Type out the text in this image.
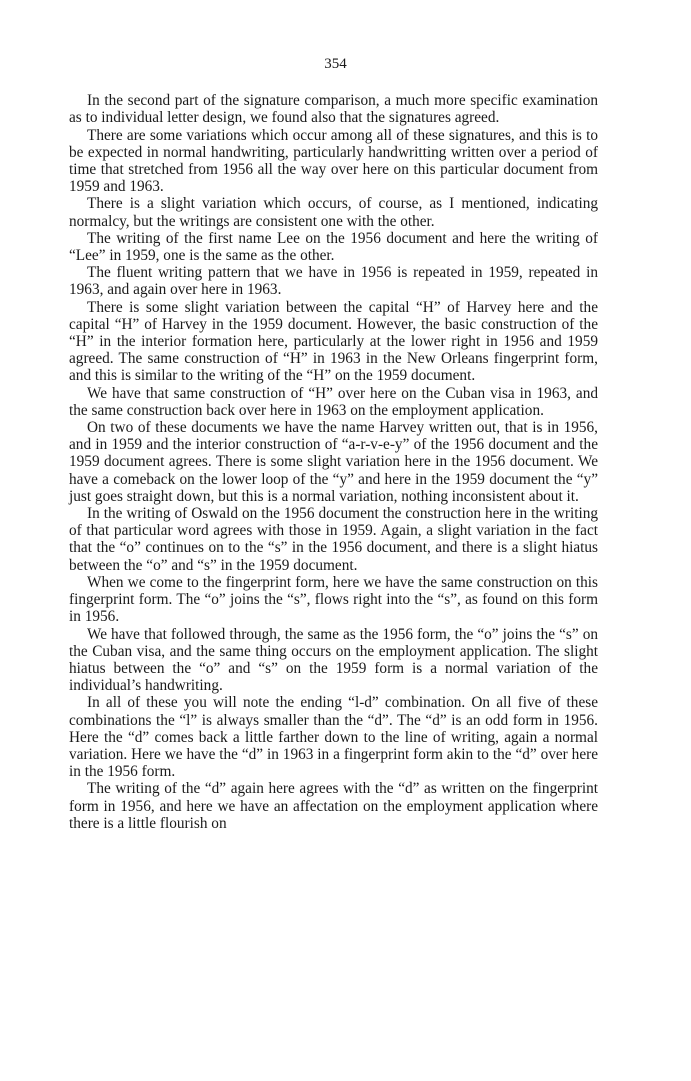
354

In the second part of the signature comparison, a much more specific examination as to individual letter design, we found also that the signatures agreed.

There are some variations which occur among all of these signatures, and this is to be expected in normal handwriting, particularly handwritting written over a period of time that stretched from 1956 all the way over here on this particular document from 1959 and 1963.

There is a slight variation which occurs, of course, as I mentioned, indicating normalcy, but the writings are consistent one with the other.

The writing of the first name Lee on the 1956 document and here the writing of “Lee” in 1959, one is the same as the other.

The fluent writing pattern that we have in 1956 is repeated in 1959, repeated in 1963, and again over here in 1963.

There is some slight variation between the capital “H” of Harvey here and the capital “H” of Harvey in the 1959 document. However, the basic construction of the “H” in the interior formation here, particularly at the lower right in 1956 and 1959 agreed. The same construction of “H” in 1963 in the New Orleans fingerprint form, and this is similar to the writing of the “H” on the 1959 document.

We have that same construction of “H” over here on the Cuban visa in 1963, and the same construction back over here in 1963 on the employment application.

On two of these documents we have the name Harvey written out, that is in 1956, and in 1959 and the interior construction of “a-r-v-e-y” of the 1956 document and the 1959 document agrees. There is some slight variation here in the 1956 document. We have a comeback on the lower loop of the “y” and here in the 1959 document the “y” just goes straight down, but this is a normal variation, nothing inconsistent about it.

In the writing of Oswald on the 1956 document the construction here in the writing of that particular word agrees with those in 1959. Again, a slight variation in the fact that the “o” continues on to the “s” in the 1956 document, and there is a slight hiatus between the “o” and “s” in the 1959 document.

When we come to the fingerprint form, here we have the same construction on this fingerprint form. The “o” joins the “s”, flows right into the “s”, as found on this form in 1956.

We have that followed through, the same as the 1956 form, the “o” joins the “s” on the Cuban visa, and the same thing occurs on the employment application. The slight hiatus between the “o” and “s” on the 1959 form is a normal variation of the individual’s handwriting.

In all of these you will note the ending “l-d” combination. On all five of these combinations the “l” is always smaller than the “d”. The “d” is an odd form in 1956. Here the “d” comes back a little farther down to the line of writing, again a normal variation. Here we have the “d” in 1963 in a fingerprint form akin to the “d” over here in the 1956 form.

The writing of the “d” again here agrees with the “d” as written on the fingerprint form in 1956, and here we have an affectation on the employment application where there is a little flourish on
